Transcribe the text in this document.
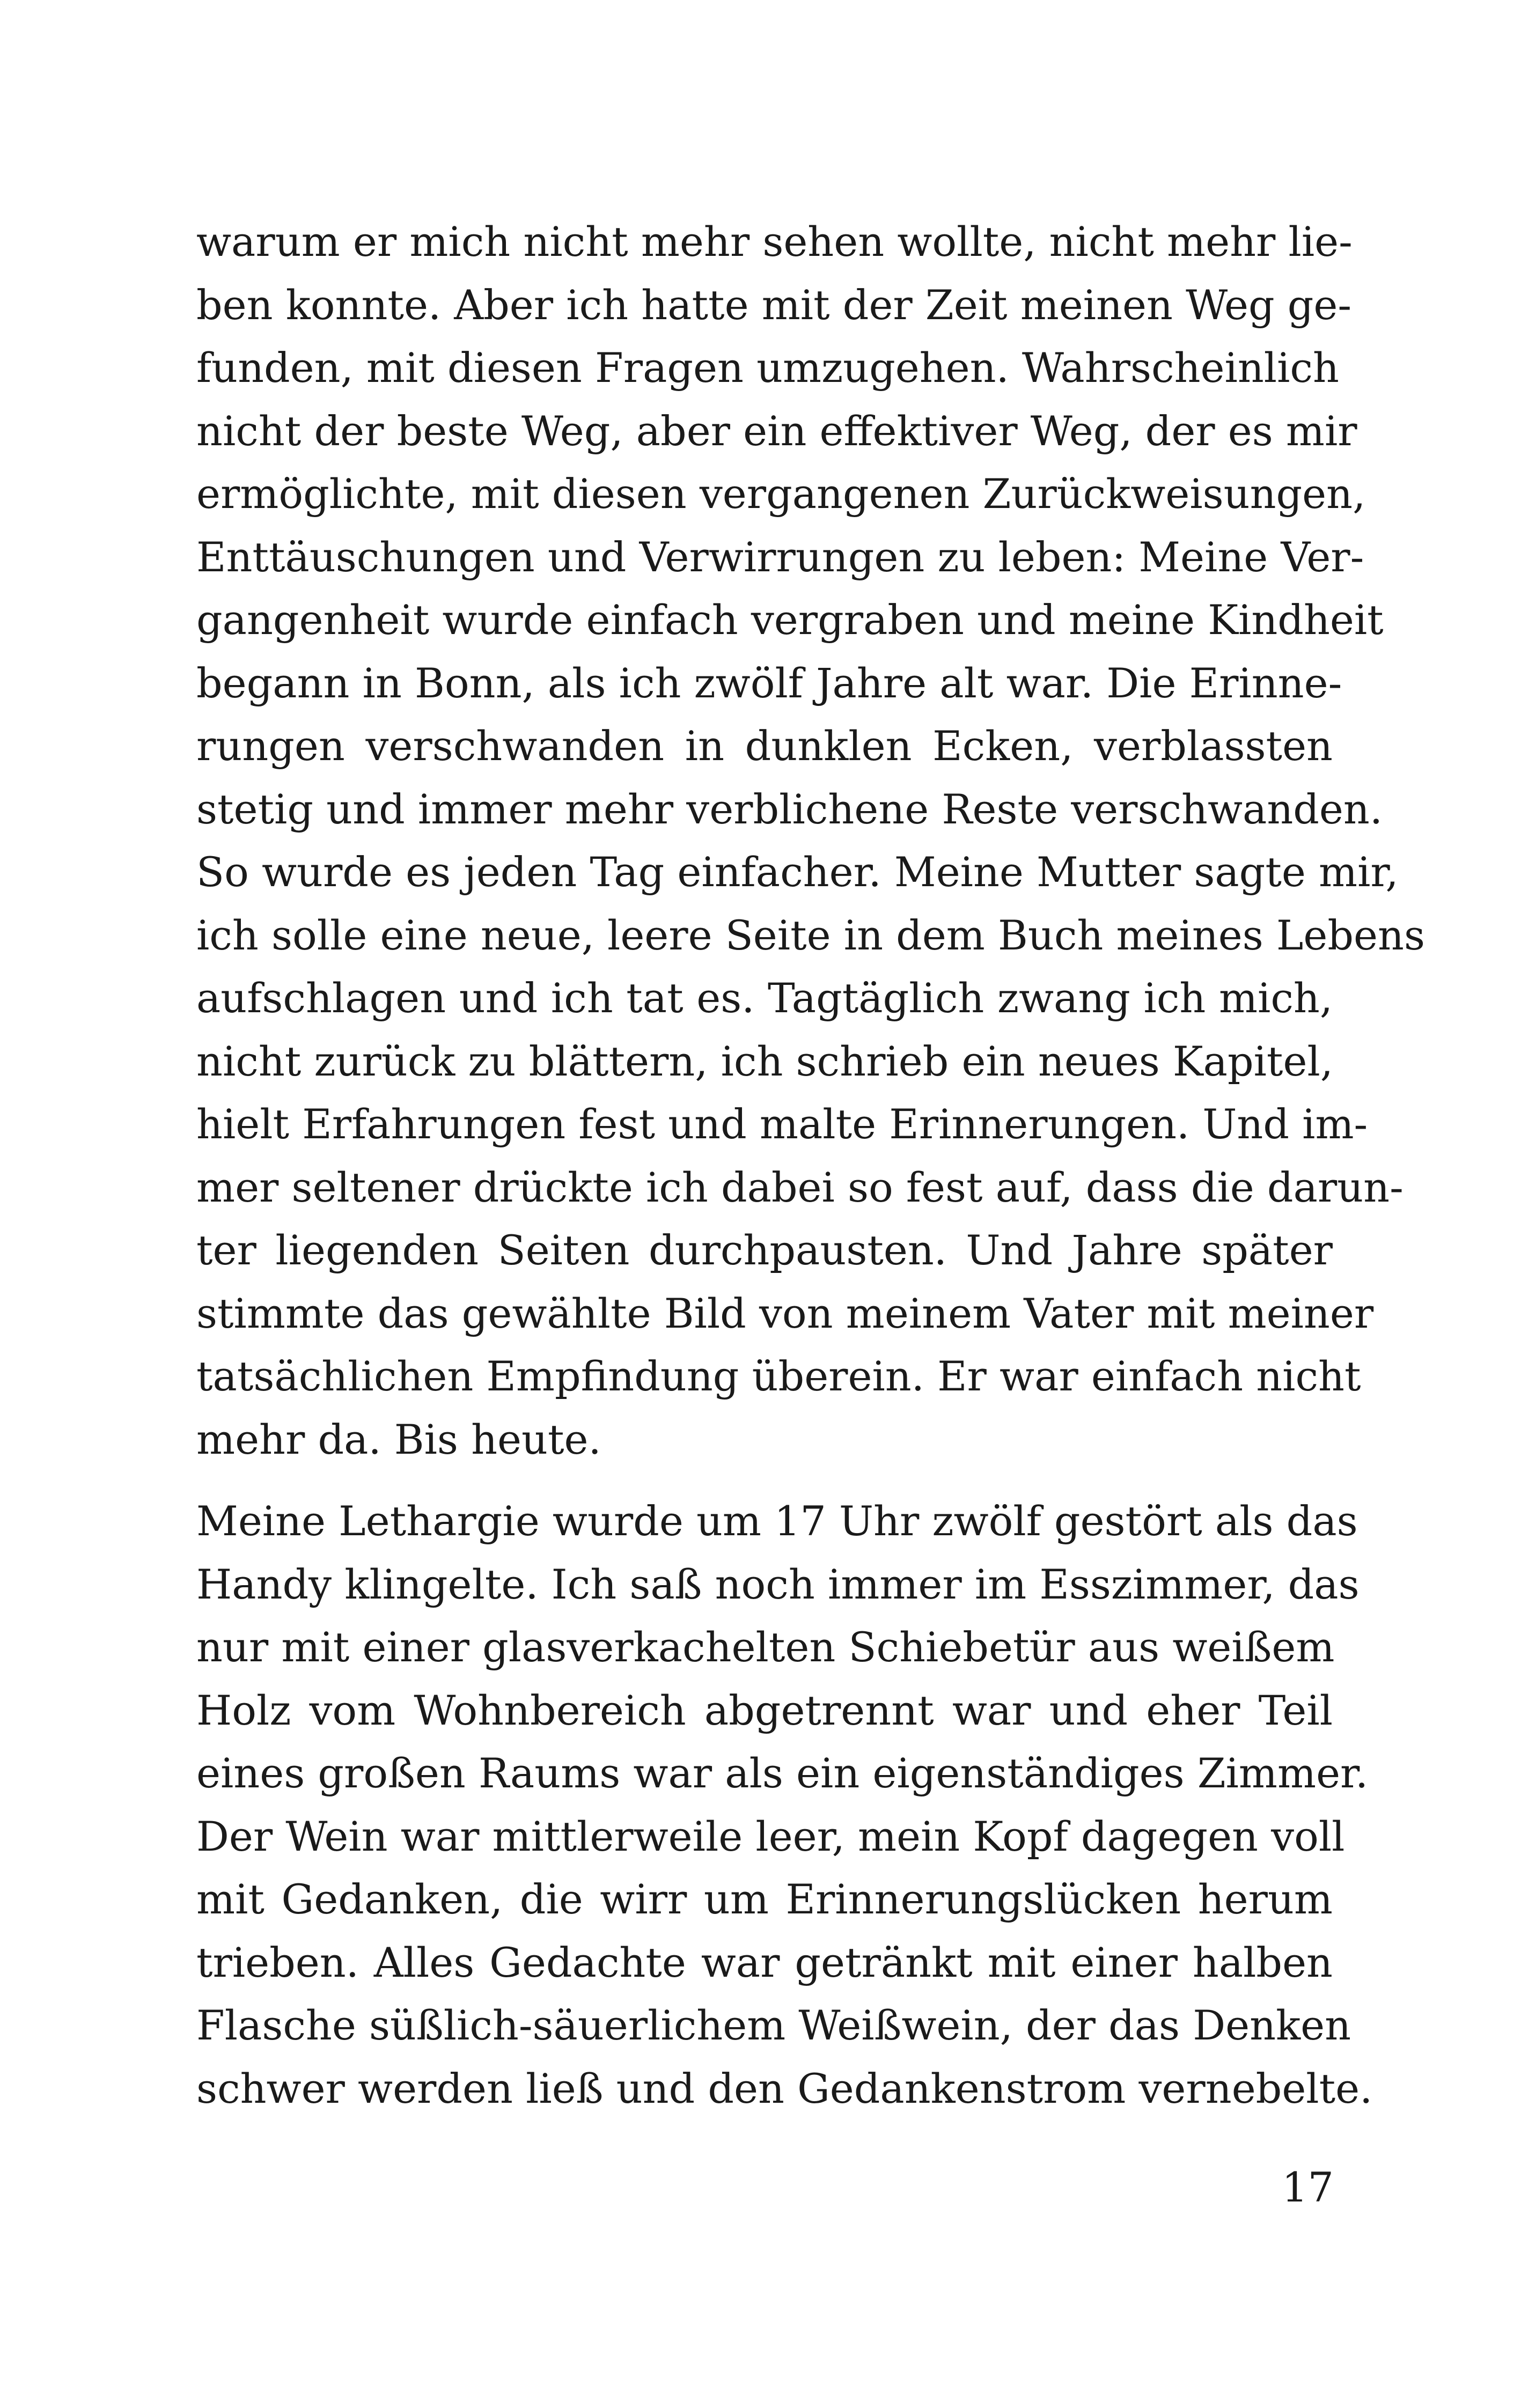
warum er mich nicht mehr sehen wollte, nicht mehr lie-
ben konnte. Aber ich hatte mit der Zeit meinen Weg ge-
funden, mit diesen Fragen umzugehen. Wahrscheinlich
nicht der beste Weg, aber ein effektiver Weg, der es mir
ermöglichte, mit diesen vergangenen Zurückweisungen,
Enttäuschungen und Verwirrungen zu leben: Meine Ver-
gangenheit wurde einfach vergraben und meine Kindheit
begann in Bonn, als ich zwölf Jahre alt war. Die Erinne-
rungen verschwanden in dunklen Ecken, verblassten
stetig und immer mehr verblichene Reste verschwanden.
So wurde es jeden Tag einfacher. Meine Mutter sagte mir,
ich solle eine neue, leere Seite in dem Buch meines Lebens
aufschlagen und ich tat es. Tagtäglich zwang ich mich,
nicht zurück zu blättern, ich schrieb ein neues Kapitel,
hielt Erfahrungen fest und malte Erinnerungen. Und im-
mer seltener drückte ich dabei so fest auf, dass die darun-
ter liegenden Seiten durchpausten. Und Jahre später
stimmte das gewählte Bild von meinem Vater mit meiner
tatsächlichen Empfindung überein. Er war einfach nicht
mehr da. Bis heute.
Meine Lethargie wurde um 17 Uhr zwölf gestört als das
Handy klingelte. Ich saß noch immer im Esszimmer, das
nur mit einer glasverkachelten Schiebetür aus weißem
Holz vom Wohnbereich abgetrennt war und eher Teil
eines großen Raums war als ein eigenständiges Zimmer.
Der Wein war mittlerweile leer, mein Kopf dagegen voll
mit Gedanken, die wirr um Erinnerungslücken herum
trieben. Alles Gedachte war getränkt mit einer halben
Flasche süßlich-säuerlichem Weißwein, der das Denken
schwer werden ließ und den Gedankenstrom vernebelte.
17
